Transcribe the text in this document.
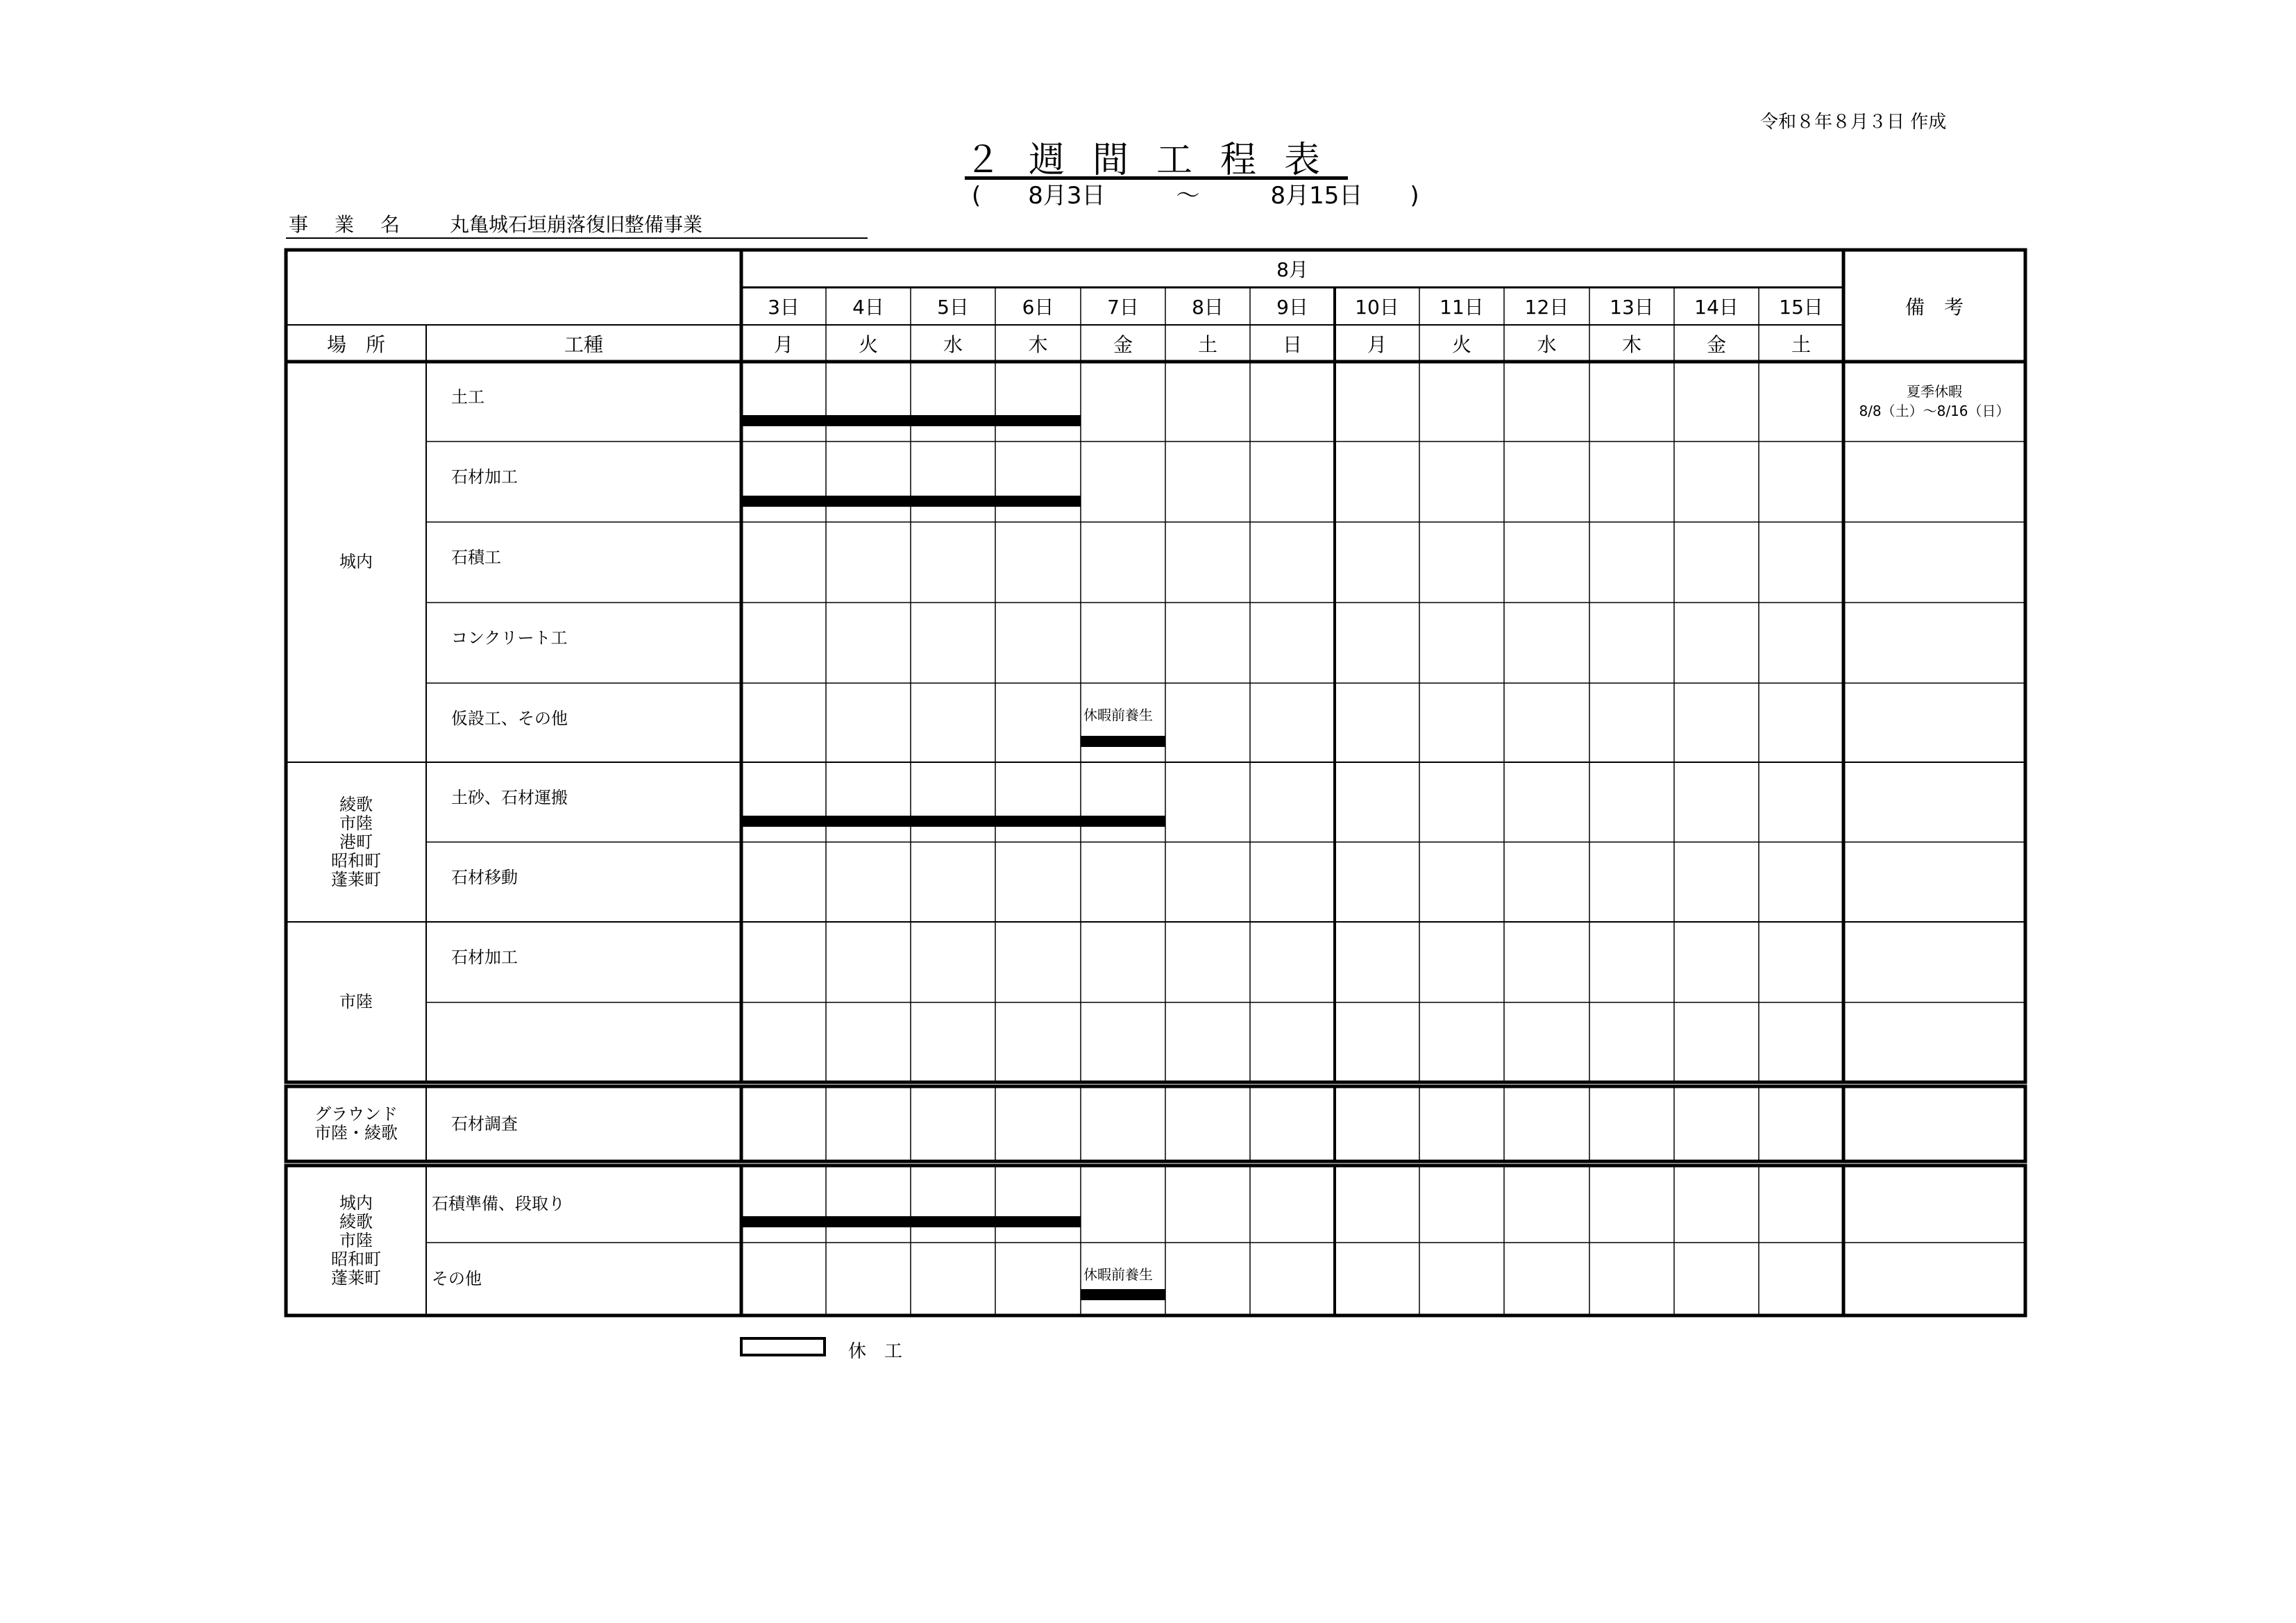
令和８年８月３日 作成
２週間工程表
(　　8月3日　　　～　　　8月15日　　)
事業名 丸亀城石垣崩落復旧整備事業
8月
3日
月
4日
火
5日
水
6日
木
7日
金
8日
土
9日
日
10日
月
11日
火
12日
水
13日
木
14日
金
15日
土
場　所	工種
備　考
城内
土工
石材加工
石積工
コンクリート工
仮設工、その他
綾歌
市陸
港町
昭和町
蓬莱町
土砂、石材運搬
石材移動
市陸
石材加工
グラウンド
市陸・綾歌	石材調査
城内
綾歌
市陸
昭和町
蓬莱町
石積準備、段取り
その他
夏季休暇
8/8（土）～8/16（日）
休暇前養生
休暇前養生
休　工
